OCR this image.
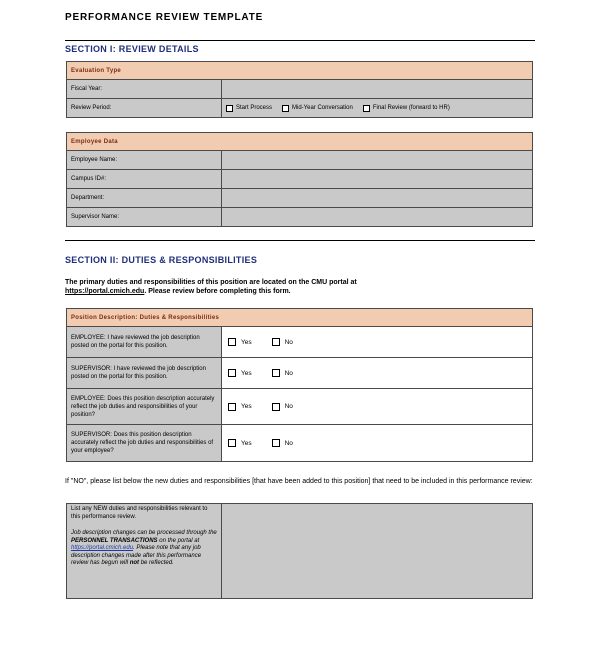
PERFORMANCE REVIEW TEMPLATE
SECTION I: REVIEW DETAILS
Evaluation Type	
Fiscal Year:	
Review Period:	Start Process Mid-Year Conversation Final Review (forward to HR)
Employee Data	
Employee Name:	
Campus ID#:	
Department:	
Supervisor Name:	
SECTION II: DUTIES & RESPONSIBILITIES
The primary duties and responsibilities of this position are located on the CMU portal at
https://portal.cmich.edu. Please review before completing this form.
Position Description: Duties & Responsibilities	
EMPLOYEE: I have reviewed the job description posted on the portal for this position.	Yes No

SUPERVISOR: I have reviewed the job description posted on the portal for this position.	Yes No

EMPLOYEE: Does this position description accurately reflect the job duties and responsibilities of your position?	Yes No

SUPERVISOR: Does this position description accurately reflect the job duties and responsibilities of your employee?	Yes No
If "NO", please list below the new duties and responsibilities [that have been added to this position] that need to be included in this performance review:
List any NEW duties and responsibilities relevant to this performance review.
Job description changes can be processed through the PERSONNEL TRANSACTIONS on the portal at https://portal.cmich.edu. Please note that any job description changes made after this performance review has begun will not be reflected.
